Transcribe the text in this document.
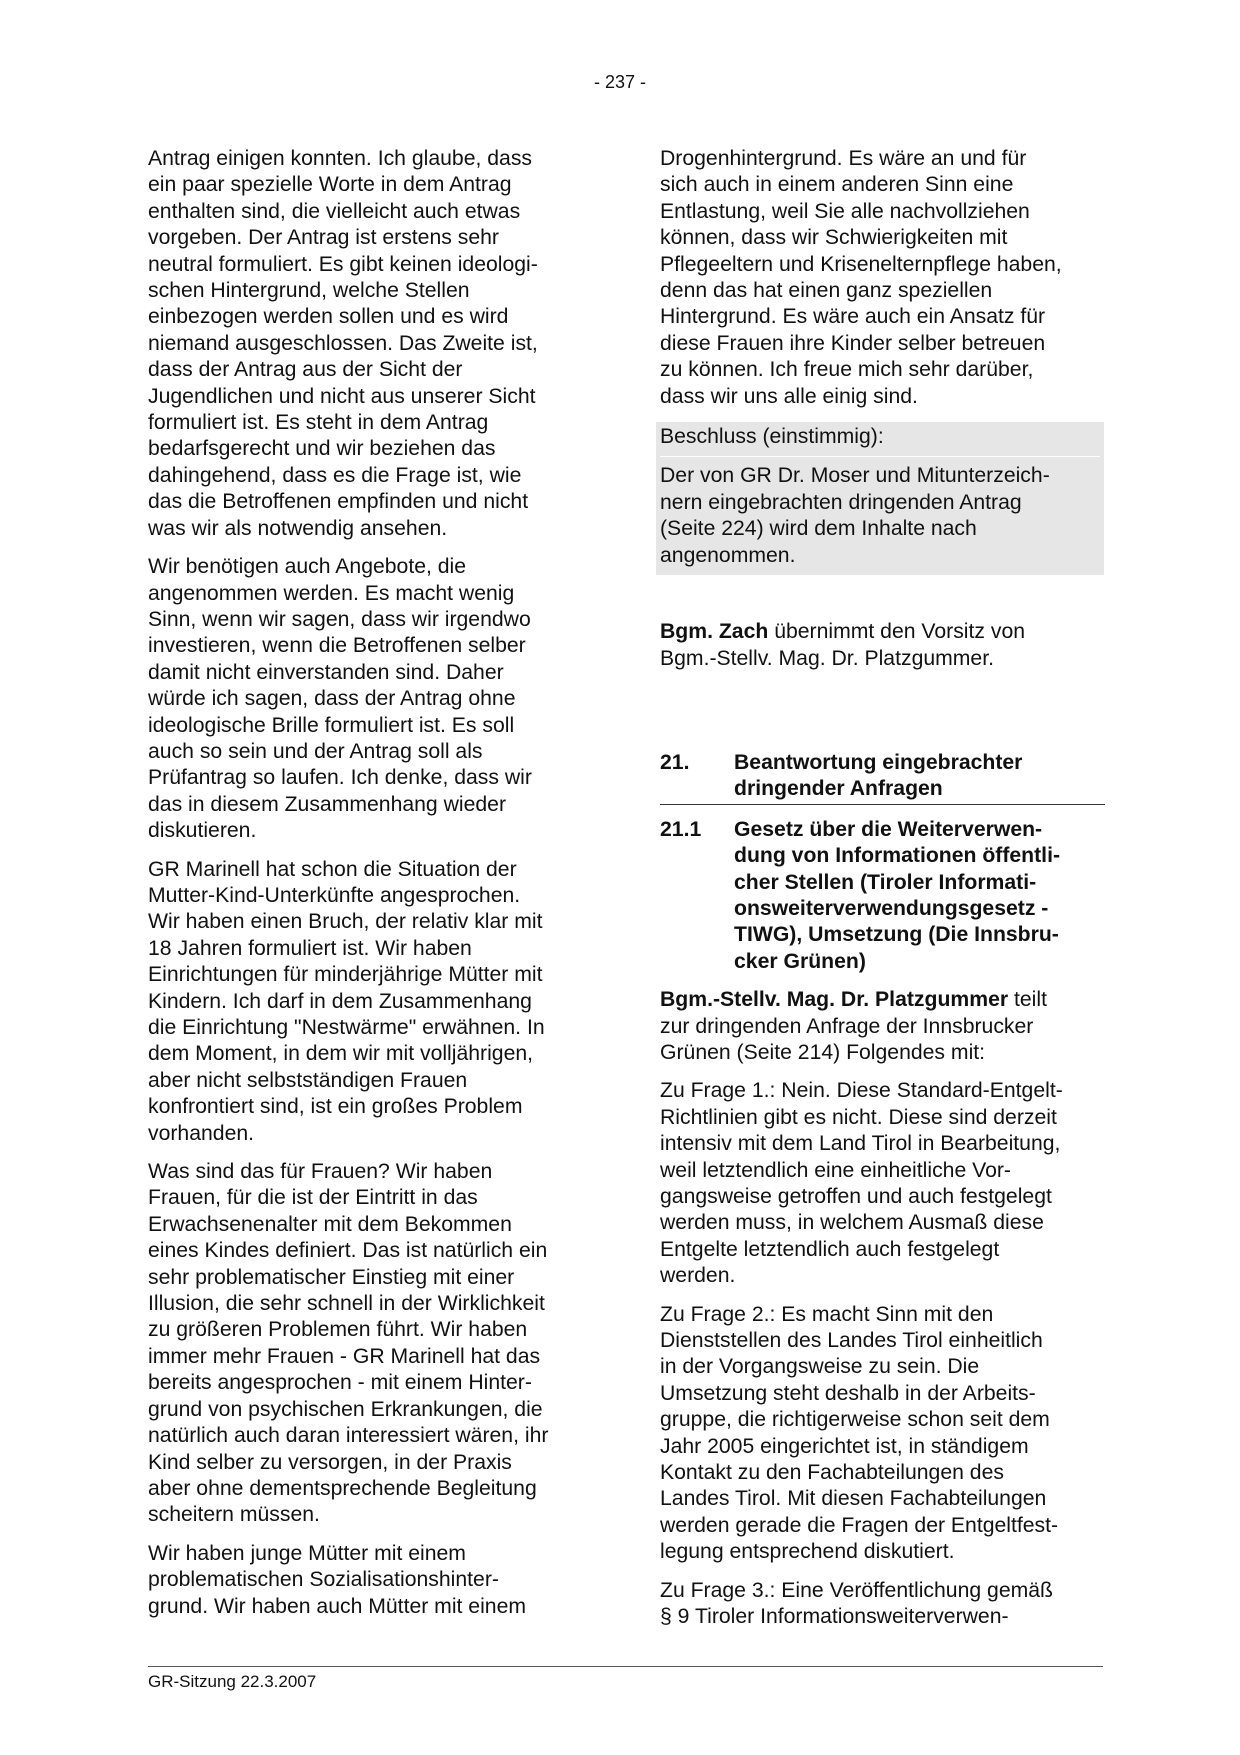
- 237 -

Antrag einigen konnten. Ich glaube, dass
ein paar spezielle Worte in dem Antrag
enthalten sind, die vielleicht auch etwas
vorgeben. Der Antrag ist erstens sehr
neutral formuliert. Es gibt keinen ideologi-
schen Hintergrund, welche Stellen
einbezogen werden sollen und es wird
niemand ausgeschlossen. Das Zweite ist,
dass der Antrag aus der Sicht der
Jugendlichen und nicht aus unserer Sicht
formuliert ist. Es steht in dem Antrag
bedarfsgerecht und wir beziehen das
dahingehend, dass es die Frage ist, wie
das die Betroffenen empfinden und nicht
was wir als notwendig ansehen.

Wir benötigen auch Angebote, die
angenommen werden. Es macht wenig
Sinn, wenn wir sagen, dass wir irgendwo
investieren, wenn die Betroffenen selber
damit nicht einverstanden sind. Daher
würde ich sagen, dass der Antrag ohne
ideologische Brille formuliert ist. Es soll
auch so sein und der Antrag soll als
Prüfantrag so laufen. Ich denke, dass wir
das in diesem Zusammenhang wieder
diskutieren.

GR Marinell hat schon die Situation der
Mutter-Kind-Unterkünfte angesprochen.
Wir haben einen Bruch, der relativ klar mit
18 Jahren formuliert ist. Wir haben
Einrichtungen für minderjährige Mütter mit
Kindern. Ich darf in dem Zusammenhang
die Einrichtung "Nestwärme" erwähnen. In
dem Moment, in dem wir mit volljährigen,
aber nicht selbstständigen Frauen
konfrontiert sind, ist ein großes Problem
vorhanden.

Was sind das für Frauen? Wir haben
Frauen, für die ist der Eintritt in das
Erwachsenenalter mit dem Bekommen
eines Kindes definiert. Das ist natürlich ein
sehr problematischer Einstieg mit einer
Illusion, die sehr schnell in der Wirklichkeit
zu größeren Problemen führt. Wir haben
immer mehr Frauen - GR Marinell hat das
bereits angesprochen - mit einem Hinter-
grund von psychischen Erkrankungen, die
natürlich auch daran interessiert wären, ihr
Kind selber zu versorgen, in der Praxis
aber ohne dementsprechende Begleitung
scheitern müssen.

Wir haben junge Mütter mit einem
problematischen Sozialisationshinter-
grund. Wir haben auch Mütter mit einem

Drogenhintergrund. Es wäre an und für
sich auch in einem anderen Sinn eine
Entlastung, weil Sie alle nachvollziehen
können, dass wir Schwierigkeiten mit
Pflegeeltern und Krisenelternpflege haben,
denn das hat einen ganz speziellen
Hintergrund. Es wäre auch ein Ansatz für
diese Frauen ihre Kinder selber betreuen
zu können. Ich freue mich sehr darüber,
dass wir uns alle einig sind.

Beschluss (einstimmig):
Der von GR Dr. Moser und Mitunterzeich-
nern eingebrachten dringenden Antrag
(Seite 224) wird dem Inhalte nach
angenommen.

Bgm. Zach übernimmt den Vorsitz von
Bgm.-Stellv. Mag. Dr. Platzgummer.

21.	Beantwortung eingebrachter
dringender Anfragen
21.1	Gesetz über die Weiterverwen-
dung von Informationen öffentli-
cher Stellen (Tiroler Informati-
onsweiterverwendungsgesetz -
TIWG), Umsetzung (Die Innsbru-
cker Grünen)

Bgm.-Stellv. Mag. Dr. Platzgummer teilt
zur dringenden Anfrage der Innsbrucker
Grünen (Seite 214) Folgendes mit:

Zu Frage 1.: Nein. Diese Standard-Entgelt-
Richtlinien gibt es nicht. Diese sind derzeit
intensiv mit dem Land Tirol in Bearbeitung,
weil letztendlich eine einheitliche Vor-
gangsweise getroffen und auch festgelegt
werden muss, in welchem Ausmaß diese
Entgelte letztendlich auch festgelegt
werden.

Zu Frage 2.: Es macht Sinn mit den
Dienststellen des Landes Tirol einheitlich
in der Vorgangsweise zu sein. Die
Umsetzung steht deshalb in der Arbeits-
gruppe, die richtigerweise schon seit dem
Jahr 2005 eingerichtet ist, in ständigem
Kontakt zu den Fachabteilungen des
Landes Tirol. Mit diesen Fachabteilungen
werden gerade die Fragen der Entgeltfest-
legung entsprechend diskutiert.

Zu Frage 3.: Eine Veröffentlichung gemäß
§ 9 Tiroler Informationsweiterverwen-

GR-Sitzung 22.3.2007
